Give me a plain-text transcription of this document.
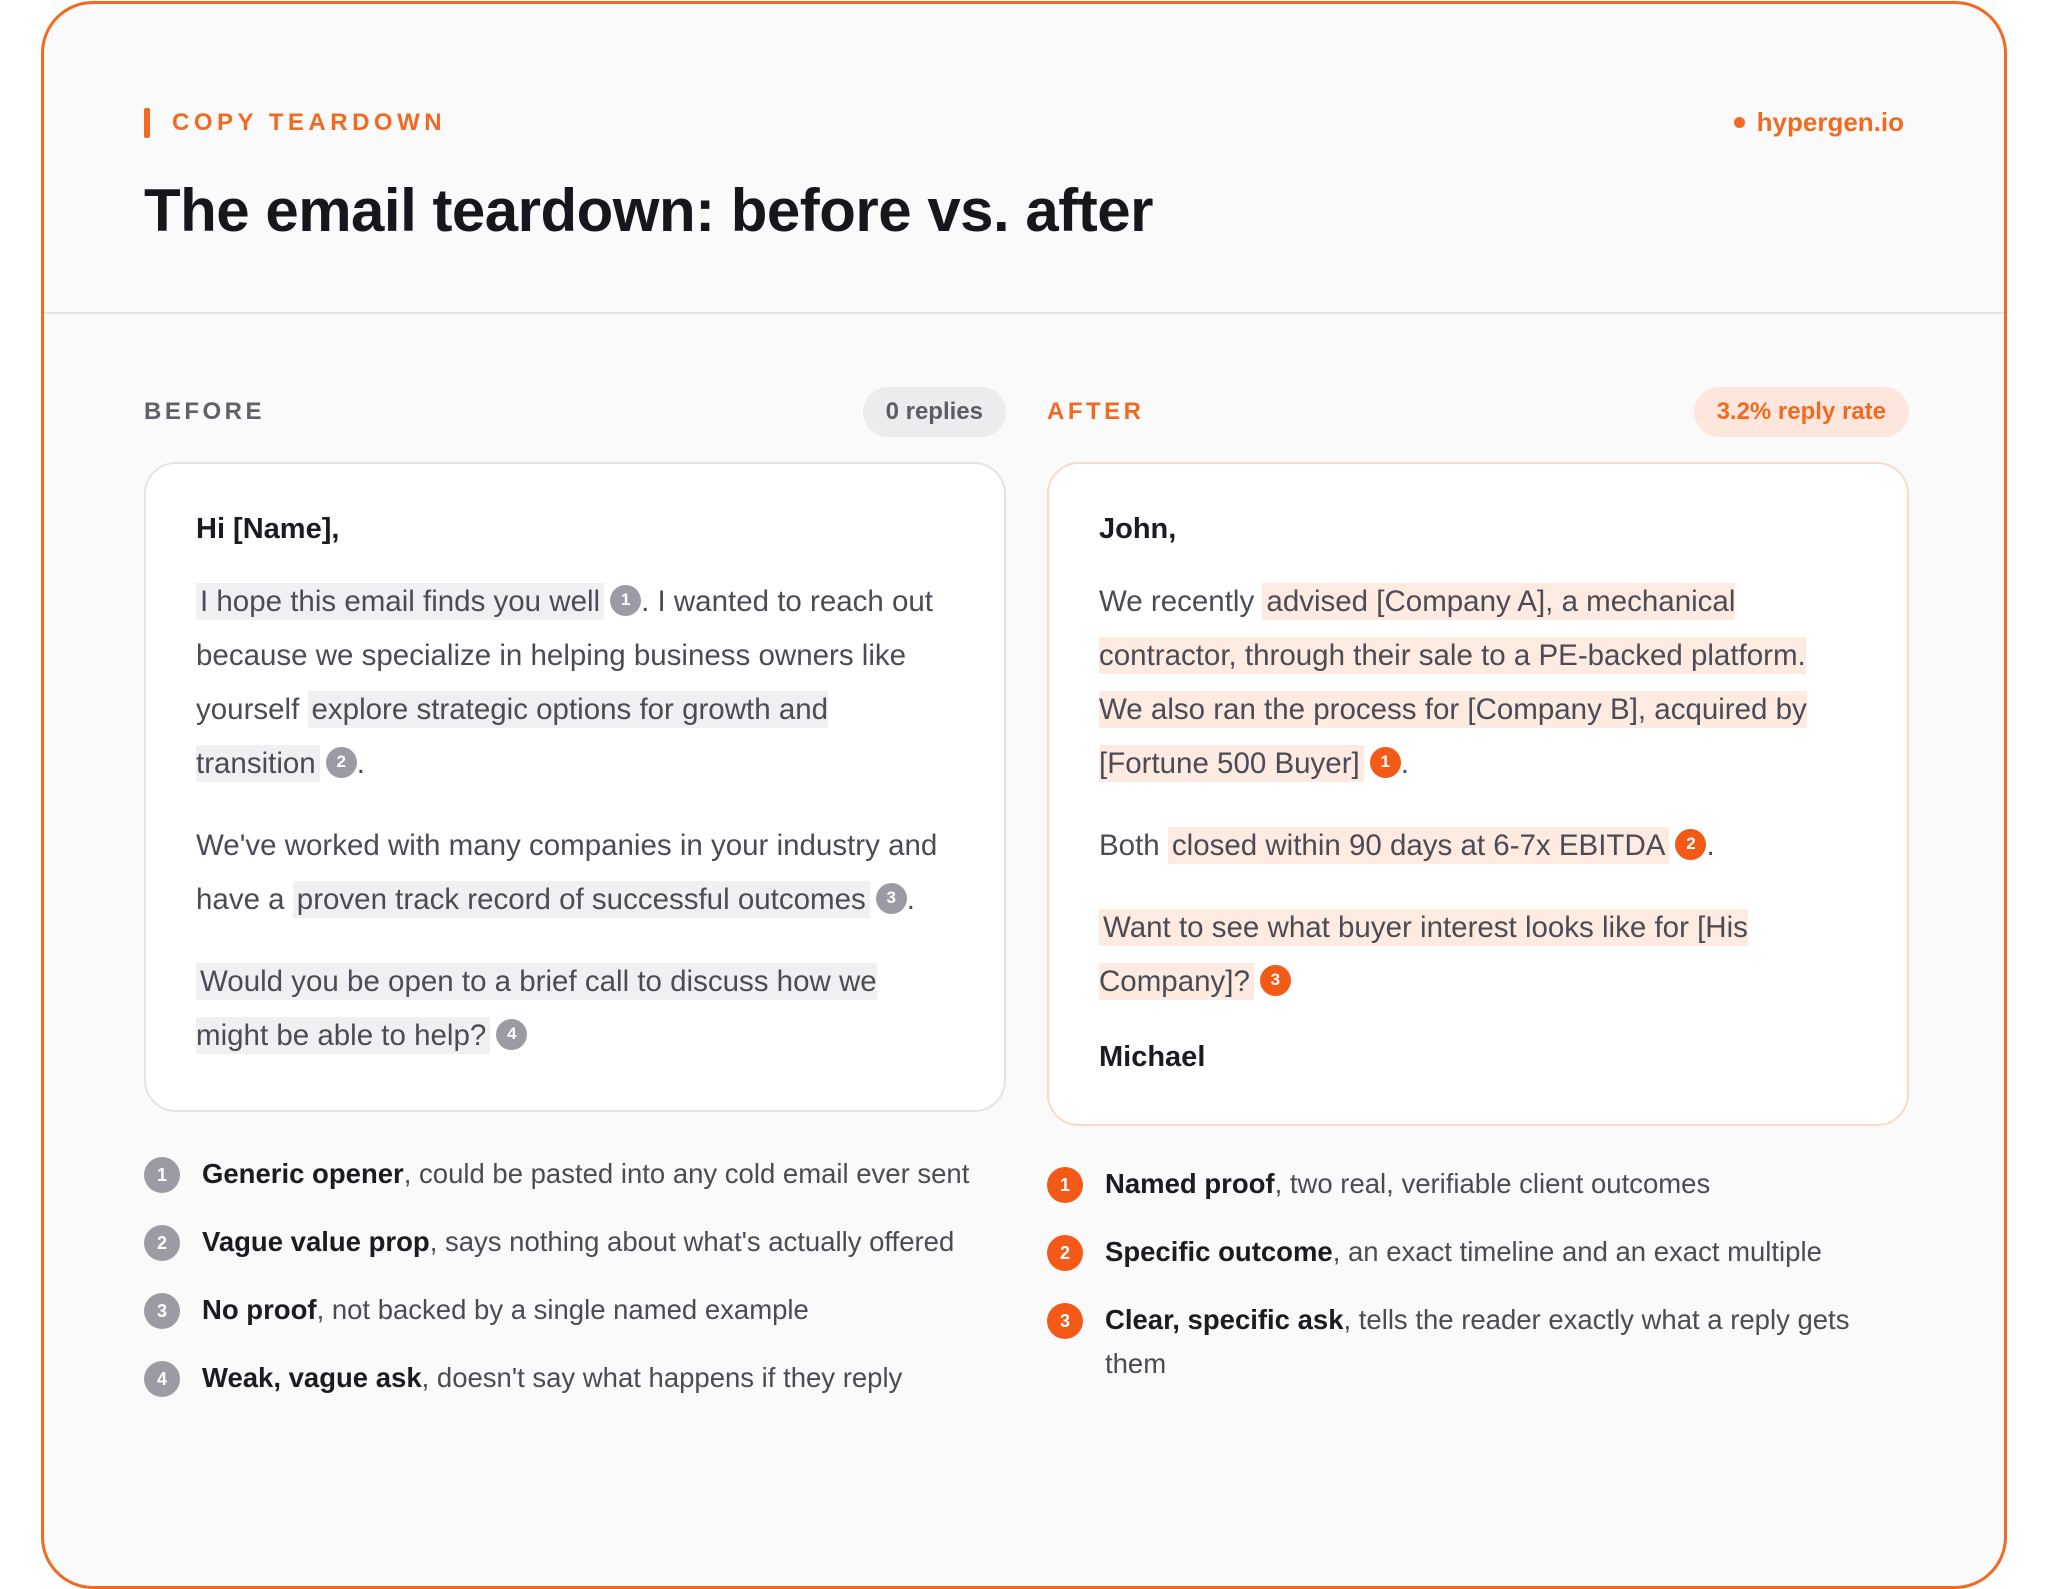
COPY TEARDOWN	hypergen.io
The email teardown: before vs. after
BEFORE	0 replies
Hi [Name],

I hope this email finds you well 1 . I wanted to reach out because we specialize in helping business owners like yourself explore strategic options for growth and transition 2 .

We've worked with many companies in your industry and have a proven track record of successful outcomes 3 .

Would you be open to a brief call to discuss how we might be able to help? 4

1	Generic opener, could be pasted into any cold email ever sent
2	Vague value prop, says nothing about what's actually offered
3	No proof, not backed by a single named example
4	Weak, vague ask, doesn't say what happens if they reply
AFTER	3.2% reply rate
John,

We recently advised [Company A], a mechanical contractor, through their sale to a PE-backed platform. We also ran the process for [Company B], acquired by [Fortune 500 Buyer] 1 .

Both closed within 90 days at 6-7x EBITDA 2 .

Want to see what buyer interest looks like for [His Company]? 3

Michael
1	Named proof, two real, verifiable client outcomes
2	Specific outcome, an exact timeline and an exact multiple
3	Clear, specific ask, tells the reader exactly what a reply gets them
